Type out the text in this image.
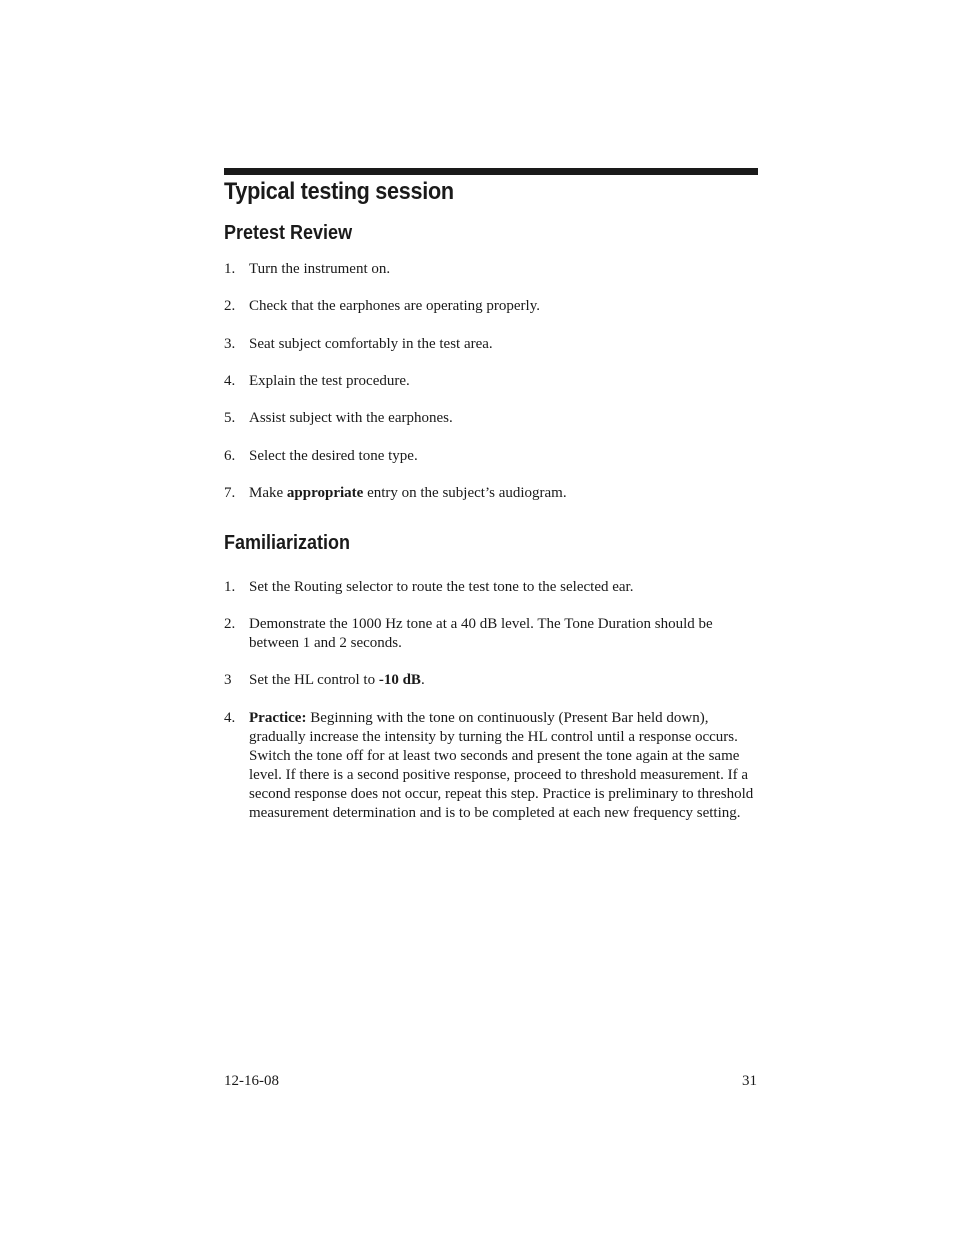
Typical testing session
Pretest Review
1. Turn the instrument on.
2. Check that the earphones are operating properly.
3. Seat subject comfortably in the test area.
4. Explain the test procedure.
5. Assist subject with the earphones.
6. Select the desired tone type.
7. Make appropriate entry on the subject’s audiogram.
Familiarization
1. Set the Routing selector to route the test tone to the selected ear.
2. Demonstrate the 1000 Hz tone at a 40 dB level. The Tone Duration should be between 1 and 2 seconds.
3 Set the HL control to -10 dB.
4. Practice: Beginning with the tone on continuously (Present Bar held down), gradually increase the intensity by turning the HL control until a response occurs. Switch the tone off for at least two seconds and present the tone again at the same level. If there is a second positive response, proceed to threshold measurement. If a second response does not occur, repeat this step. Practice is preliminary to threshold measurement determination and is to be completed at each new frequency setting.
12-16-08	31
